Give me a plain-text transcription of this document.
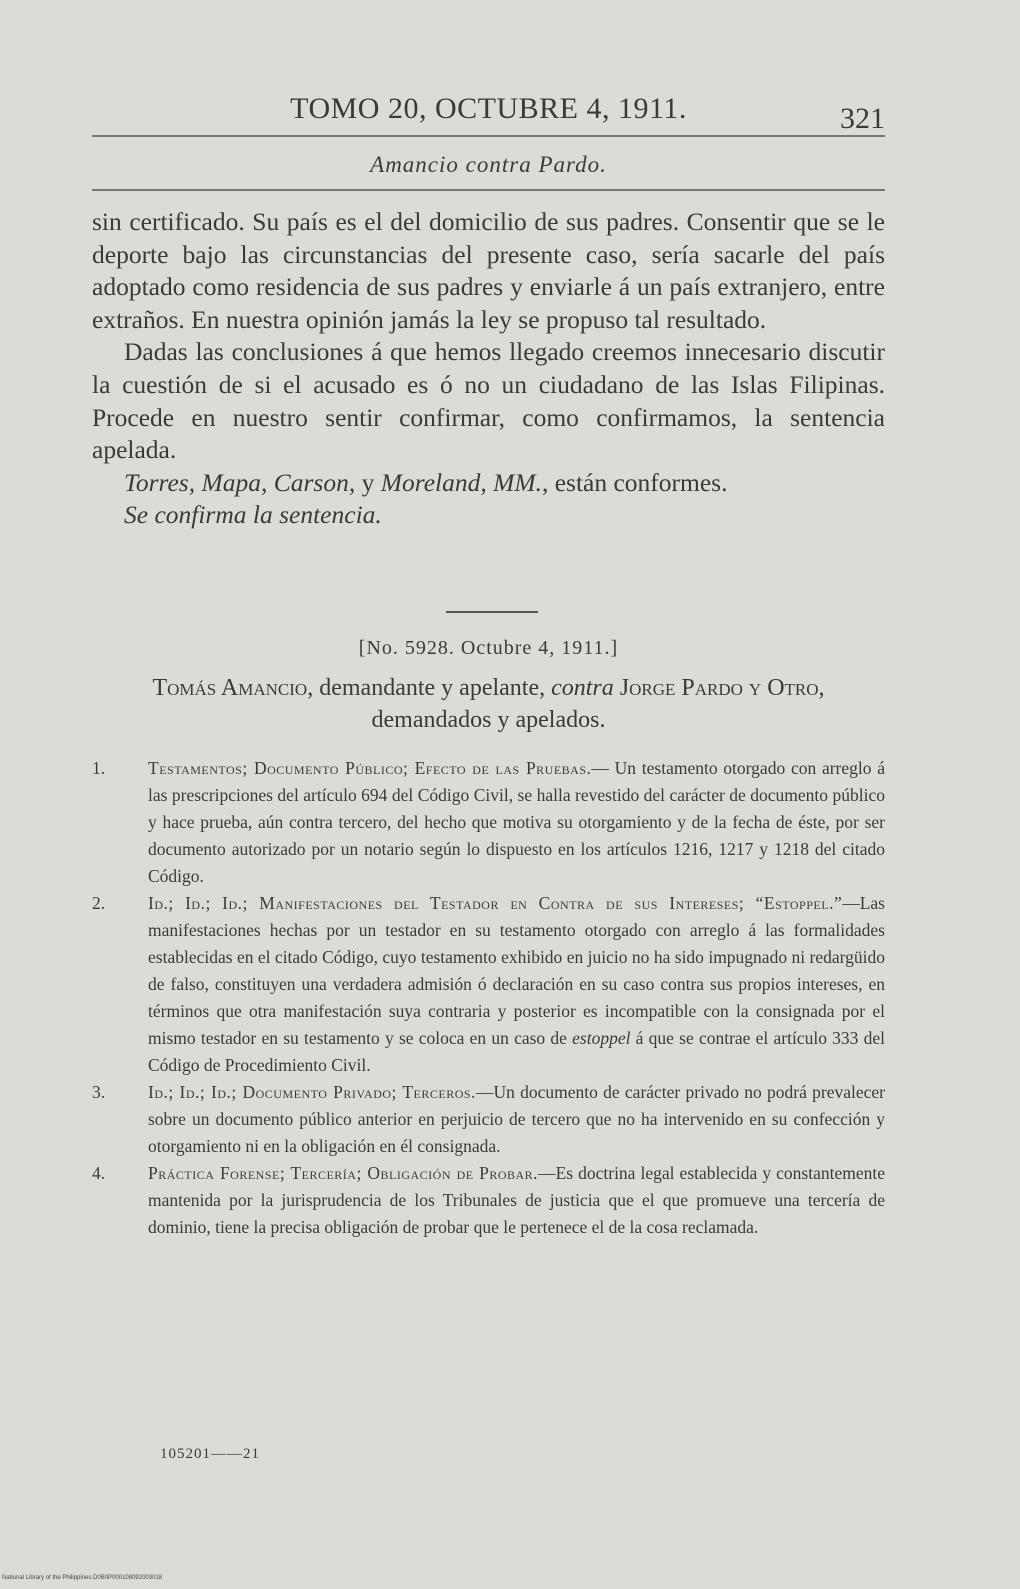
TOMO 20, OCTUBRE 4, 1911.	321
Amancio contra Pardo.

sin certificado. Su país es el del domicilio de sus padres. Consentir que se le deporte bajo las circunstancias del presente caso, sería sacarle del país adoptado como residencia de sus padres y enviarle á un país extranjero, entre extraños. En nuestra opinión jamás la ley se propuso tal resultado.

Dadas las conclusiones á que hemos llegado creemos innecesario discutir la cuestión de si el acusado es ó no un ciudadano de las Islas Filipinas. Procede en nuestro sentir confirmar, como confirmamos, la sentencia apelada.

Torres, Mapa, Carson, y Moreland, MM., están conformes.

Se confirma la sentencia.

[No. 5928. Octubre 4, 1911.]
Tomás Amancio, demandante y apelante, contra Jorge Pardo y Otro, demandados y apelados.
1. Testamentos; Documento Público; Efecto de las Pruebas.— Un testamento otorgado con arreglo á las prescripciones del artículo 694 del Código Civil, se halla revestido del carácter de documento público y hace prueba, aún contra tercero, del hecho que motiva su otorgamiento y de la fecha de éste, por ser documento autorizado por un notario según lo dispuesto en los artículos 1216, 1217 y 1218 del citado Código.
2. Id.; Id.; Id.; Manifestaciones del Testador en Contra de sus Intereses; “Estoppel.”—Las manifestaciones hechas por un testador en su testamento otorgado con arreglo á las formalidades establecidas en el citado Código, cuyo testamento exhibido en juicio no ha sido impugnado ni redargüido de falso, constituyen una verdadera admisión ó declaración en su caso contra sus propios intereses, en términos que otra manifestación suya contraria y posterior es incompatible con la consignada por el mismo testador en su testamento y se coloca en un caso de estoppel á que se contrae el artículo 333 del Código de Procedimiento Civil.
3. Id.; Id.; Id.; Documento Privado; Terceros.—Un documento de carácter privado no podrá prevalecer sobre un documento público anterior en perjuicio de tercero que no ha intervenido en su confección y otorgamiento ni en la obligación en él consignada.
4. Práctica Forense; Tercería; Obligación de Probar.—Es doctrina legal establecida y constantemente mantenida por la jurisprudencia de los Tribunales de justicia que el que promueve una tercería de dominio, tiene la precisa obligación de probar que le pertenece el de la cosa reclamada.
105201——21
National Library of the Philippines D0B0P000108092003018
